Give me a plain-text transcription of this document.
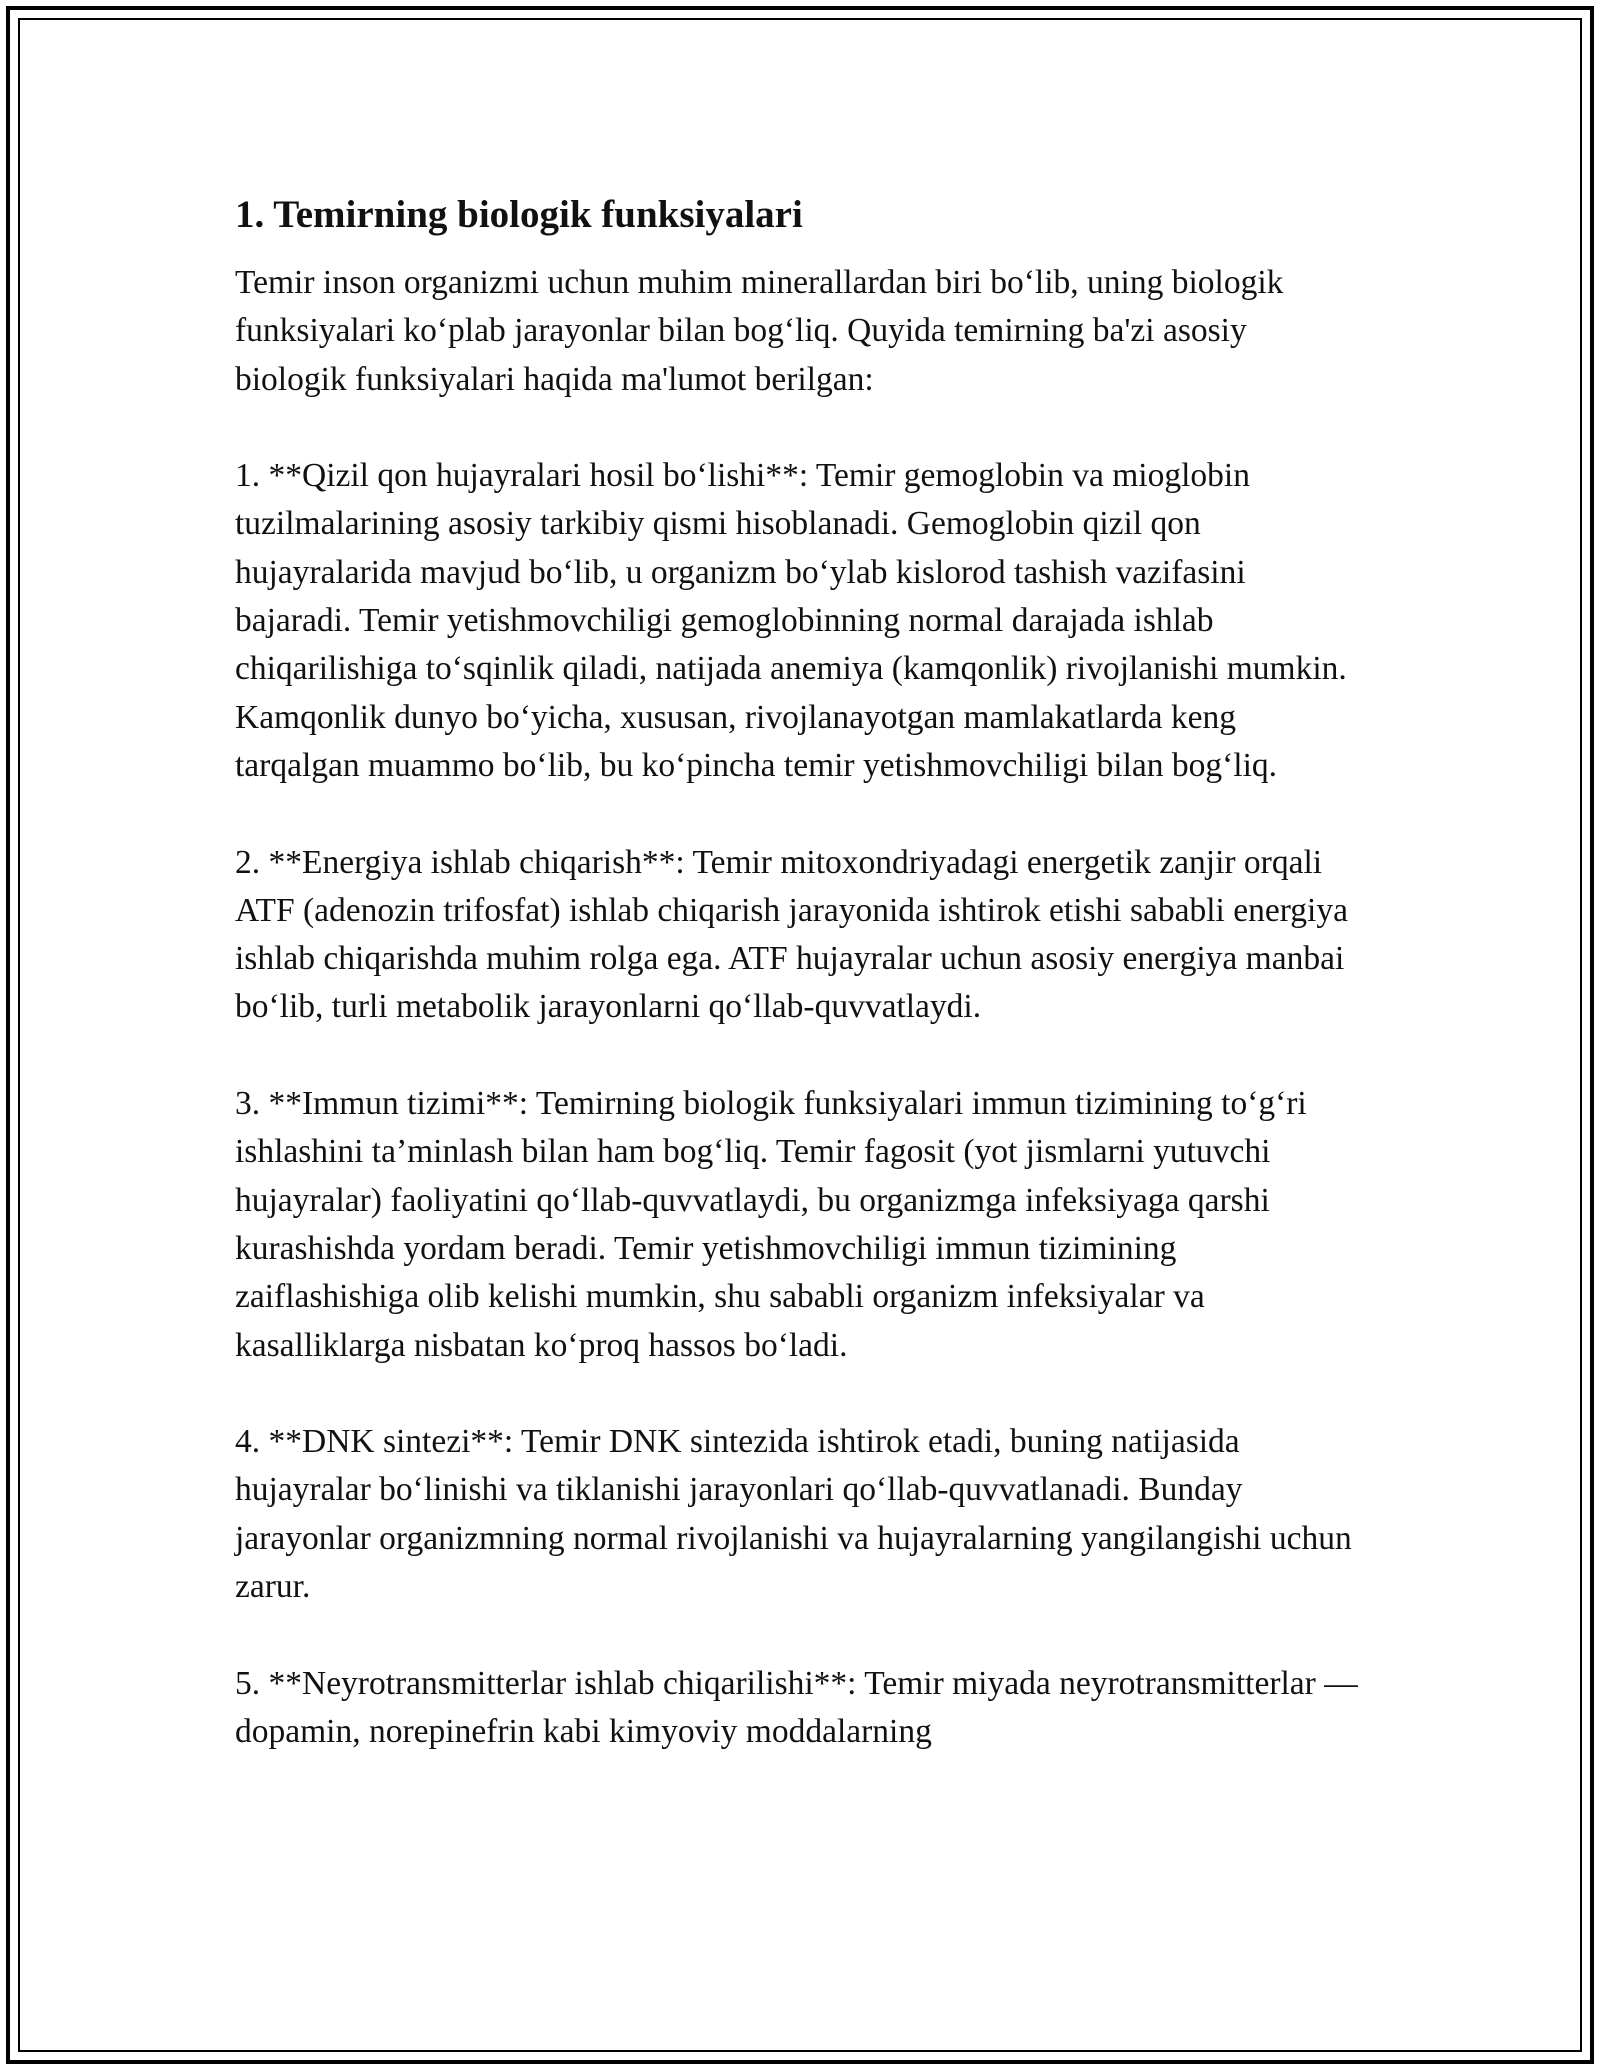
1. Temirning biologik funksiyalari

Temir inson organizmi uchun muhim minerallardan biri bo‘lib, uning biologik funksiyalari ko‘plab jarayonlar bilan bog‘liq. Quyida temirning ba'zi asosiy biologik funksiyalari haqida ma'lumot berilgan:

1. **Qizil qon hujayralari hosil bo‘lishi**: Temir gemoglobin va mioglobin tuzilmalarining asosiy tarkibiy qismi hisoblanadi. Gemoglobin qizil qon hujayralarida mavjud bo‘lib, u organizm bo‘ylab kislorod tashish vazifasini bajaradi. Temir yetishmovchiligi gemoglobinning normal darajada ishlab chiqarilishiga to‘sqinlik qiladi, natijada anemiya (kamqonlik) rivojlanishi mumkin. Kamqonlik dunyo bo‘yicha, xususan, rivojlanayotgan mamlakatlarda keng tarqalgan muammo bo‘lib, bu ko‘pincha temir yetishmovchiligi bilan bog‘liq.

2. **Energiya ishlab chiqarish**: Temir mitoxondriyadagi energetik zanjir orqali ATF (adenozin trifosfat) ishlab chiqarish jarayonida ishtirok etishi sababli energiya ishlab chiqarishda muhim rolga ega. ATF hujayralar uchun asosiy energiya manbai bo‘lib, turli metabolik jarayonlarni qo‘llab-quvvatlaydi.

3. **Immun tizimi**: Temirning biologik funksiyalari immun tizimining to‘g‘ri ishlashini ta’minlash bilan ham bog‘liq. Temir fagosit (yot jismlarni yutuvchi hujayralar) faoliyatini qo‘llab-quvvatlaydi, bu organizmga infeksiyaga qarshi kurashishda yordam beradi. Temir yetishmovchiligi immun tizimining zaiflashishiga olib kelishi mumkin, shu sababli organizm infeksiyalar va kasalliklarga nisbatan ko‘proq hassos bo‘ladi.

4. **DNK sintezi**: Temir DNK sintezida ishtirok etadi, buning natijasida hujayralar bo‘linishi va tiklanishi jarayonlari qo‘llab-quvvatlanadi. Bunday jarayonlar organizmning normal rivojlanishi va hujayralarning yangilangishi uchun zarur.

5. **Neyrotransmitterlar ishlab chiqarilishi**: Temir miyada neyrotransmitterlar — dopamin, norepinefrin kabi kimyoviy moddalarning
